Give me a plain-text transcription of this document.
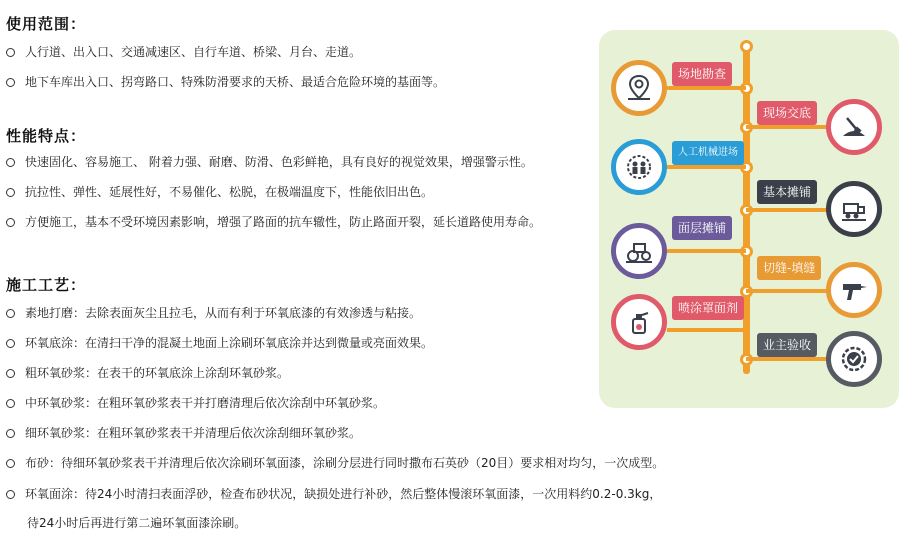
使用范围：
人行道、出入口、交通减速区、自行车道、桥梁、月台、走道。
地下车库出入口、拐弯路口、特殊防滑要求的天桥、最适合危险环境的基面等。
性能特点：
快速固化、容易施工、 附着力强、耐磨、防滑、色彩鲜艳，具有良好的视觉效果，增强警示性。
抗拉性、弹性、延展性好，不易催化、松脱，在极端温度下，性能依旧出色。
方便施工，基本不受环境因素影响，增强了路面的抗车辙性，防止路面开裂，延长道路使用寿命。
施工工艺：
素地打磨：去除表面灰尘且拉毛，从而有利于环氧底漆的有效渗透与粘接。
环氧底涂：在清扫干净的混凝土地面上涂刷环氧底涂并达到微量或亮面效果。
粗环氧砂浆：在表干的环氧底涂上涂刮环氧砂浆。
中环氧砂浆：在粗环氧砂浆表干并打磨清理后依次涂刮中环氧砂浆。
细环氧砂浆：在粗环氧砂浆表干并清理后依次涂刮细环氧砂浆。
布砂：待细环氧砂浆表干并清理后依次涂刷环氧面漆，涂刷分层进行同时撒布石英砂（20目）要求相对均匀，一次成型。
环氧面涂：待24小时清扫表面浮砂，检查布砂状况，缺损处进行补砂，然后整体慢滚环氧面漆，一次用料约0.2-0.3kg，
待24小时后再进行第二遍环氧面漆涂刷。
场地勘查
现场交底
人工机械进场
基本摊铺
面层摊铺
切缝-填缝
喷涂罩面剂
业主验收
